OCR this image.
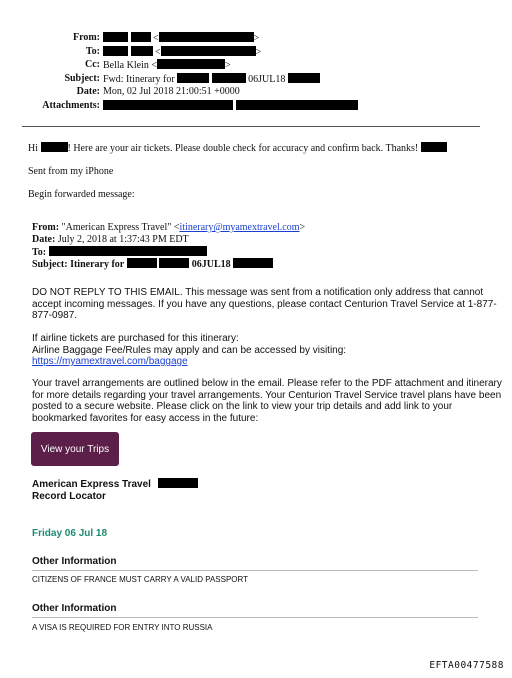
From:	<	>
To:	<	>
Cc: Bella Klein <	>
Subject: Fwd: Itinerary for	06JUL18
Date: Mon, 02 Jul 2018 21:00:51 +0000
Attachments:

Hi	! Here are your air tickets. Please double check for accuracy and confirm back. Thanks!
Sent from my iPhone
Begin forwarded message:
From: "American Express Travel" <itinerary@myamextravel.com>
Date: July 2, 2018 at 1:37:43 PM EDT
To:
Subject: Itinerary for	06JUL18
DO NOT REPLY TO THIS EMAIL. This message was sent from a notification only address that cannot accept incoming messages. If you have any questions, please contact Centurion Travel Service at 1-877-877-0987.
If airline tickets are purchased for this itinerary:
Airline Baggage Fee/Rules may apply and can be accessed by visiting:
https://myamextravel.com/baggage
Your travel arrangements are outlined below in the email. Please refer to the PDF attachment and itinerary for more details regarding your travel arrangements. Your Centurion Travel Service travel plans have been posted to a secure website. Please click on the link to view your trip details and add link to your bookmarked favorites for easy access in the future:
View your Trips
American Express Travel
Record Locator
Friday 06 Jul 18
Other Information
CITIZENS OF FRANCE MUST CARRY A VALID PASSPORT
Other Information
A VISA IS REQUIRED FOR ENTRY INTO RUSSIA
EFTA00477588
